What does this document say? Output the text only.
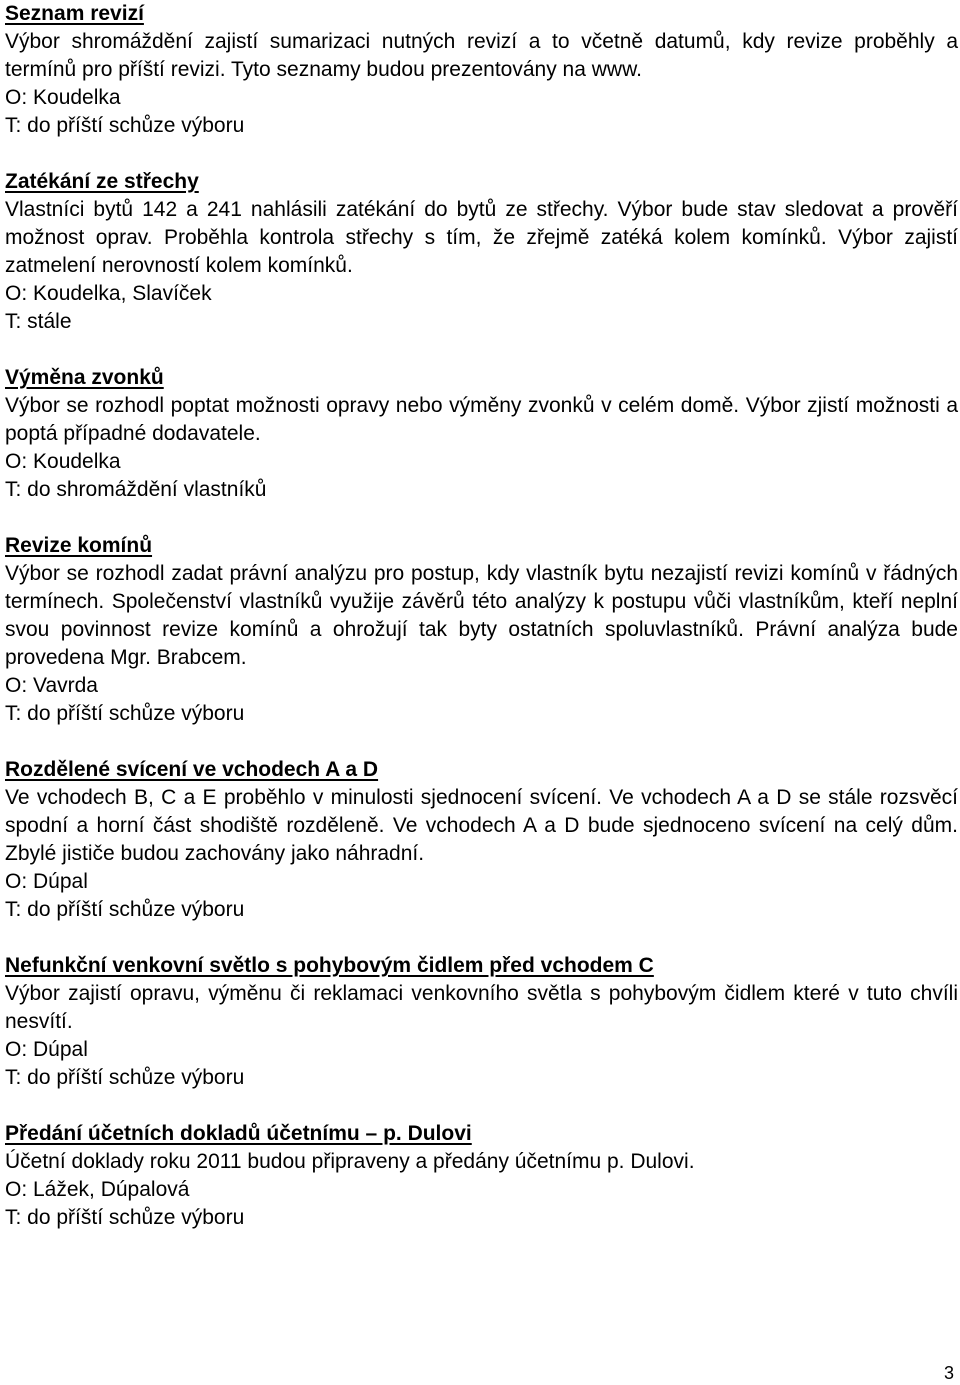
Seznam revizí

Výbor shromáždění zajistí sumarizaci nutných revizí a to včetně datumů, kdy revize proběhly a termínů pro příští revizi. Tyto seznamy budou prezentovány na www.

O: Koudelka
T: do příští schůze výboru
Zatékání ze střechy

Vlastníci bytů 142 a 241 nahlásili zatékání do bytů ze střechy. Výbor bude stav sledovat a prověří možnost oprav. Proběhla kontrola střechy s tím, že zřejmě zatéká kolem komínků. Výbor zajistí zatmelení nerovností kolem komínků.

O: Koudelka, Slavíček
T: stále
Výměna zvonků

Výbor se rozhodl poptat možnosti opravy nebo výměny zvonků v celém domě. Výbor zjistí možnosti a poptá případné dodavatele.

O: Koudelka
T: do shromáždění vlastníků
Revize komínů

Výbor se rozhodl zadat právní analýzu pro postup, kdy vlastník bytu nezajistí revizi komínů v řádných termínech. Společenství vlastníků využije závěrů této analýzy k postupu vůči vlastníkům, kteří neplní svou povinnost revize komínů a ohrožují tak byty ostatních spoluvlastníků. Právní analýza bude provedena Mgr. Brabcem.

O: Vavrda
T: do příští schůze výboru
Rozdělené svícení ve vchodech A a D

Ve vchodech B, C a E proběhlo v minulosti sjednocení svícení. Ve vchodech A a D se stále rozsvěcí spodní a horní část shodiště rozděleně. Ve vchodech A a D bude sjednoceno svícení na celý dům. Zbylé jističe budou zachovány jako náhradní.

O: Dúpal
T: do příští schůze výboru
Nefunkční venkovní světlo s pohybovým čidlem před vchodem C

Výbor zajistí opravu, výměnu či reklamaci venkovního světla s pohybovým čidlem které v tuto chvíli nesvítí.

O: Dúpal
T: do příští schůze výboru
Předání účetních dokladů účetnímu – p. Dulovi

Účetní doklady roku 2011 budou připraveny a předány účetnímu p. Dulovi.

O: Lážek, Dúpalová
T: do příští schůze výboru
3
